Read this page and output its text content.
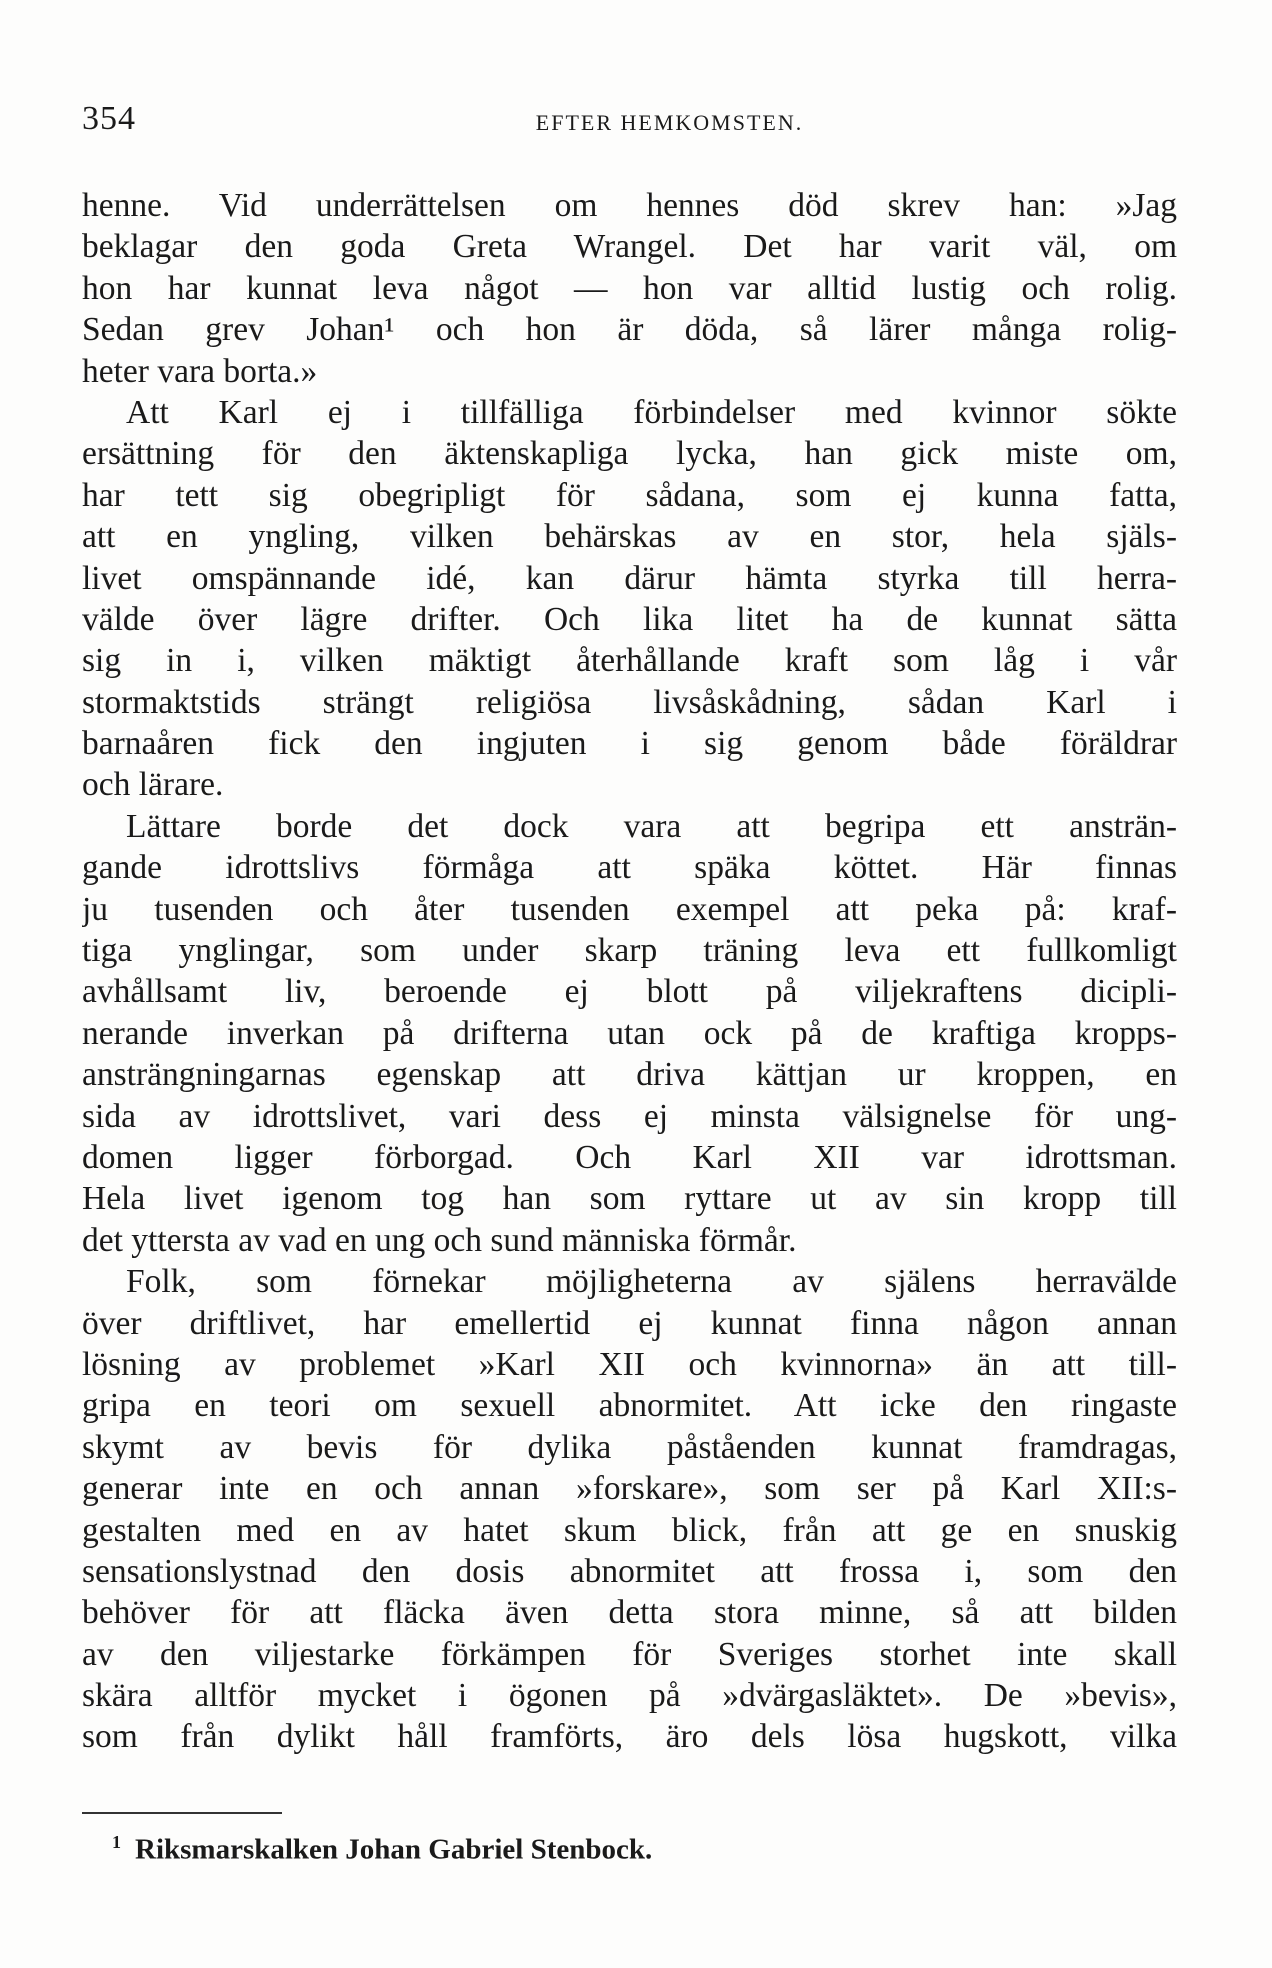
354	EFTER HEMKOMSTEN.
henne. Vid underrättelsen om hennes död skrev han: »Jag
beklagar den goda Greta Wrangel. Det har varit väl, om
hon har kunnat leva något — hon var alltid lustig och rolig.
Sedan grev Johan¹ och hon är döda, så lärer många rolig-
heter vara borta.»
Att Karl ej i tillfälliga förbindelser med kvinnor sökte
ersättning för den äktenskapliga lycka, han gick miste om,
har tett sig obegripligt för sådana, som ej kunna fatta,
att en yngling, vilken behärskas av en stor, hela själs-
livet omspännande idé, kan därur hämta styrka till herra-
välde över lägre drifter. Och lika litet ha de kunnat sätta
sig in i, vilken mäktigt återhållande kraft som låg i vår
stormaktstids strängt religiösa livsåskådning, sådan Karl i
barnaåren fick den ingjuten i sig genom både föräldrar
och lärare.
Lättare borde det dock vara att begripa ett ansträn-
gande idrottslivs förmåga att späka köttet. Här finnas
ju tusenden och åter tusenden exempel att peka på: kraf-
tiga ynglingar, som under skarp träning leva ett fullkomligt
avhållsamt liv, beroende ej blott på viljekraftens dicipli-
nerande inverkan på drifterna utan ock på de kraftiga kropps-
ansträngningarnas egenskap att driva kättjan ur kroppen, en
sida av idrottslivet, vari dess ej minsta välsignelse för ung-
domen ligger förborgad. Och Karl XII var idrottsman.
Hela livet igenom tog han som ryttare ut av sin kropp till
det yttersta av vad en ung och sund människa förmår.
Folk, som förnekar möjligheterna av själens herravälde
över driftlivet, har emellertid ej kunnat finna någon annan
lösning av problemet »Karl XII och kvinnorna» än att till-
gripa en teori om sexuell abnormitet. Att icke den ringaste
skymt av bevis för dylika påståenden kunnat framdragas,
generar inte en och annan »forskare», som ser på Karl XII:s-
gestalten med en av hatet skum blick, från att ge en snuskig
sensationslystnad den dosis abnormitet att frossa i, som den
behöver för att fläcka även detta stora minne, så att bilden
av den viljestarke förkämpen för Sveriges storhet inte skall
skära alltför mycket i ögonen på »dvärgasläktet». De »bevis»,
som från dylikt håll framförts, äro dels lösa hugskott, vilka
$^1$ Riksmarskalken Johan Gabriel Stenbock.
